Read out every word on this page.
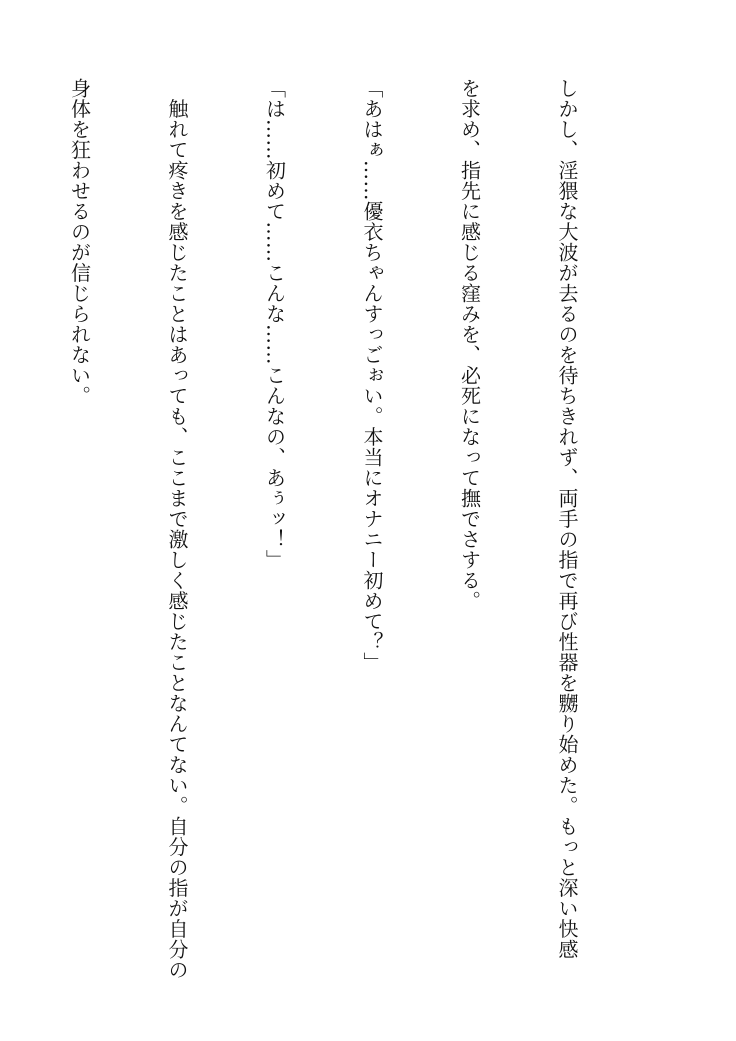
しかし、淫猥な大波が去るのを待ちきれず、両手の指で再び性器を嬲り始めた。もっと深い快感

を求め、指先に感じる窪みを、必死になって撫でさする。

「あはぁ……優衣ちゃんすっごぉい。本当にオナニー初めて？」

「は……初めて……こんな……こんなの、あぅッ！」

　触れて疼きを感じたことはあっても、ここまで激しく感じたことなんてない。自分の指が自分の

身体を狂わせるのが信じられない。
